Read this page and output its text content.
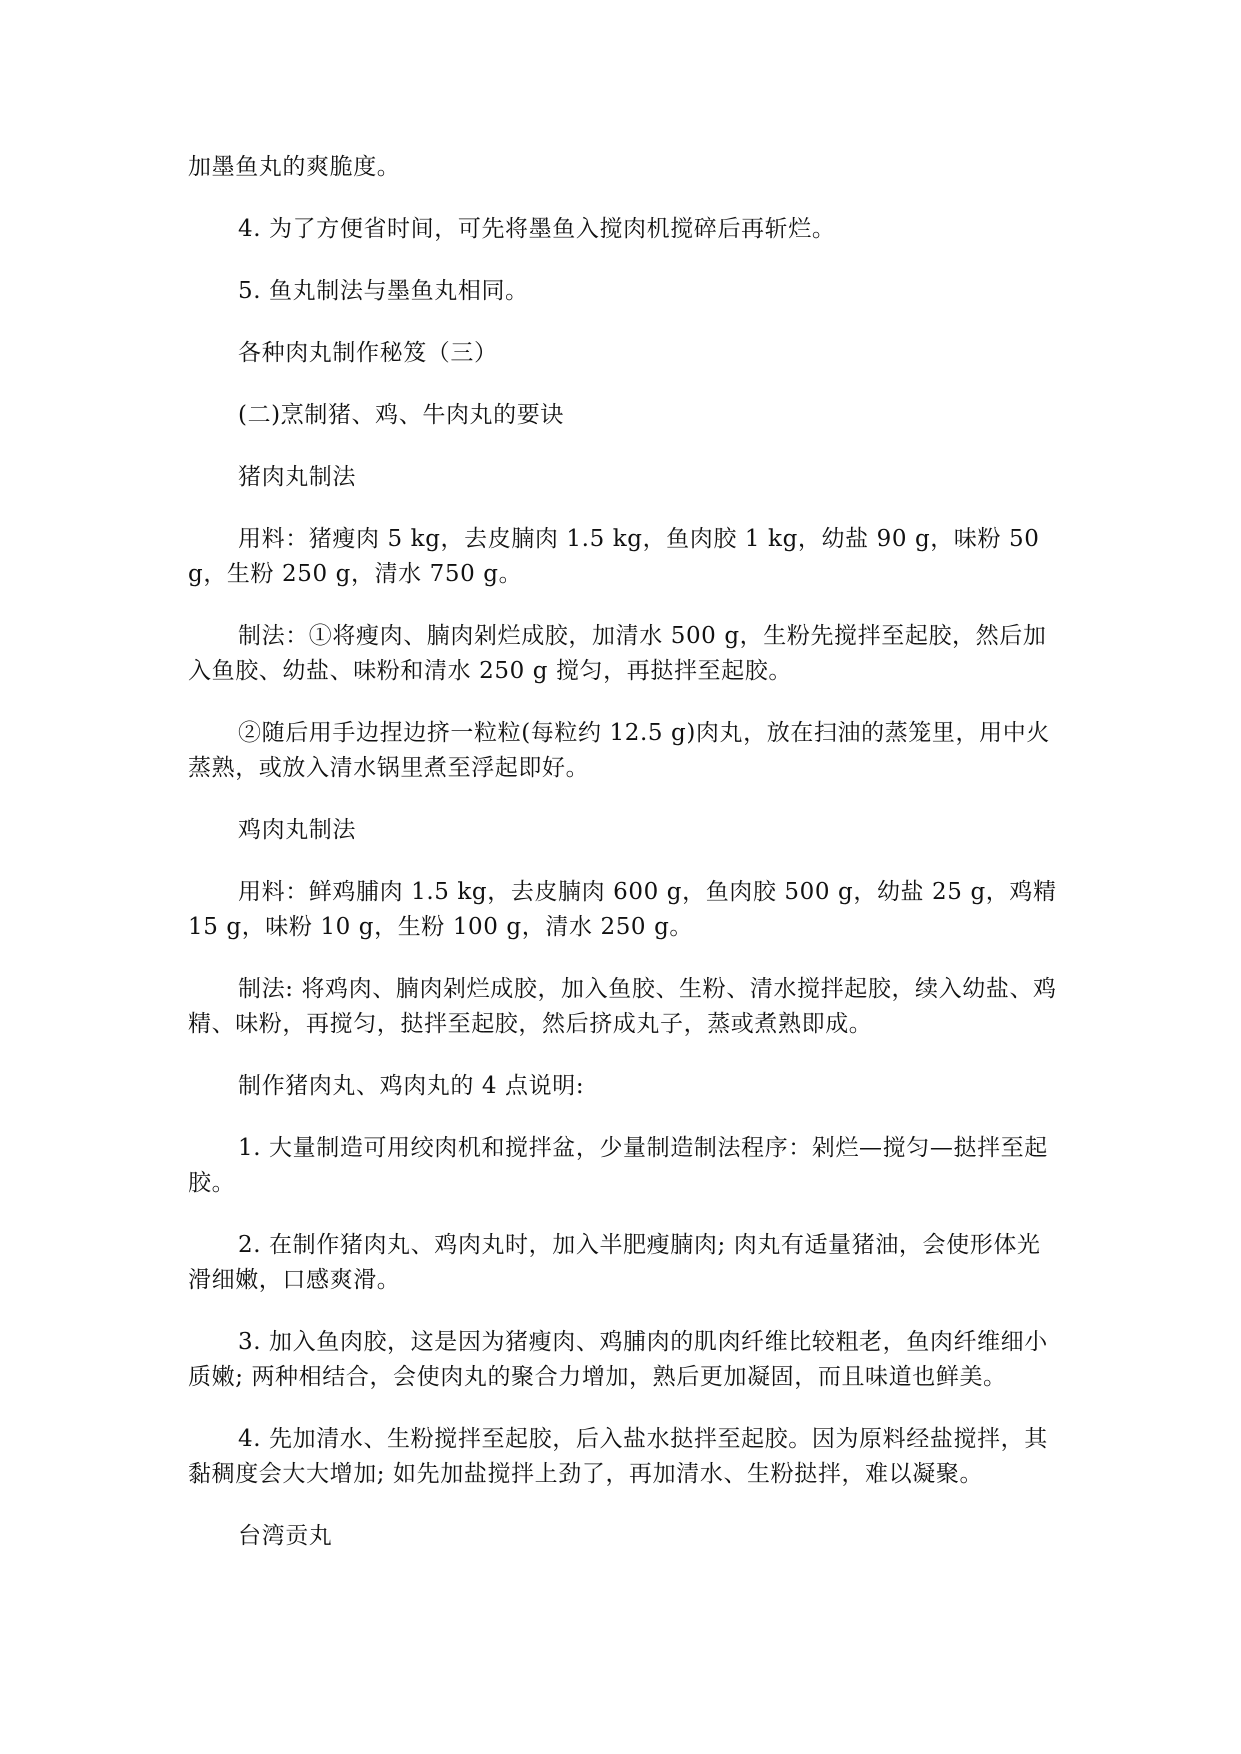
加墨鱼丸的爽脆度。

4. 为了方便省时间，可先将墨鱼入搅肉机搅碎后再斩烂。

5. 鱼丸制法与墨鱼丸相同。

各种肉丸制作秘笈（三）

(二)烹制猪、鸡、牛肉丸的要诀

猪肉丸制法

用料：猪瘦肉 5 kg，去皮腩肉 1.5 kg，鱼肉胶 1 kg，幼盐 90 g，味粉 50 g，生粉 250 g，清水 750 g。

制法：①将瘦肉、腩肉剁烂成胶，加清水 500 g，生粉先搅拌至起胶，然后加入鱼胶、幼盐、味粉和清水 250 g 搅匀，再挞拌至起胶。

②随后用手边捏边挤一粒粒(每粒约 12.5 g)肉丸，放在扫油的蒸笼里，用中火蒸熟，或放入清水锅里煮至浮起即好。

鸡肉丸制法

用料：鲜鸡脯肉 1.5 kg，去皮腩肉 600 g，鱼肉胶 500 g，幼盐 25 g，鸡精 15 g，味粉 10 g，生粉 100 g，清水 250 g。

制法: 将鸡肉、腩肉剁烂成胶，加入鱼胶、生粉、清水搅拌起胶，续入幼盐、鸡精、味粉，再搅匀，挞拌至起胶，然后挤成丸子，蒸或煮熟即成。

制作猪肉丸、鸡肉丸的 4 点说明:

1. 大量制造可用绞肉机和搅拌盆，少量制造制法程序：剁烂—搅匀—挞拌至起胶。

2. 在制作猪肉丸、鸡肉丸时，加入半肥瘦腩肉; 肉丸有适量猪油，会使形体光滑细嫩，口感爽滑。

3. 加入鱼肉胶，这是因为猪瘦肉、鸡脯肉的肌肉纤维比较粗老，鱼肉纤维细小质嫩; 两种相结合，会使肉丸的聚合力增加，熟后更加凝固，而且味道也鲜美。

4. 先加清水、生粉搅拌至起胶，后入盐水挞拌至起胶。因为原料经盐搅拌，其黏稠度会大大增加; 如先加盐搅拌上劲了，再加清水、生粉挞拌，难以凝聚。

台湾贡丸
